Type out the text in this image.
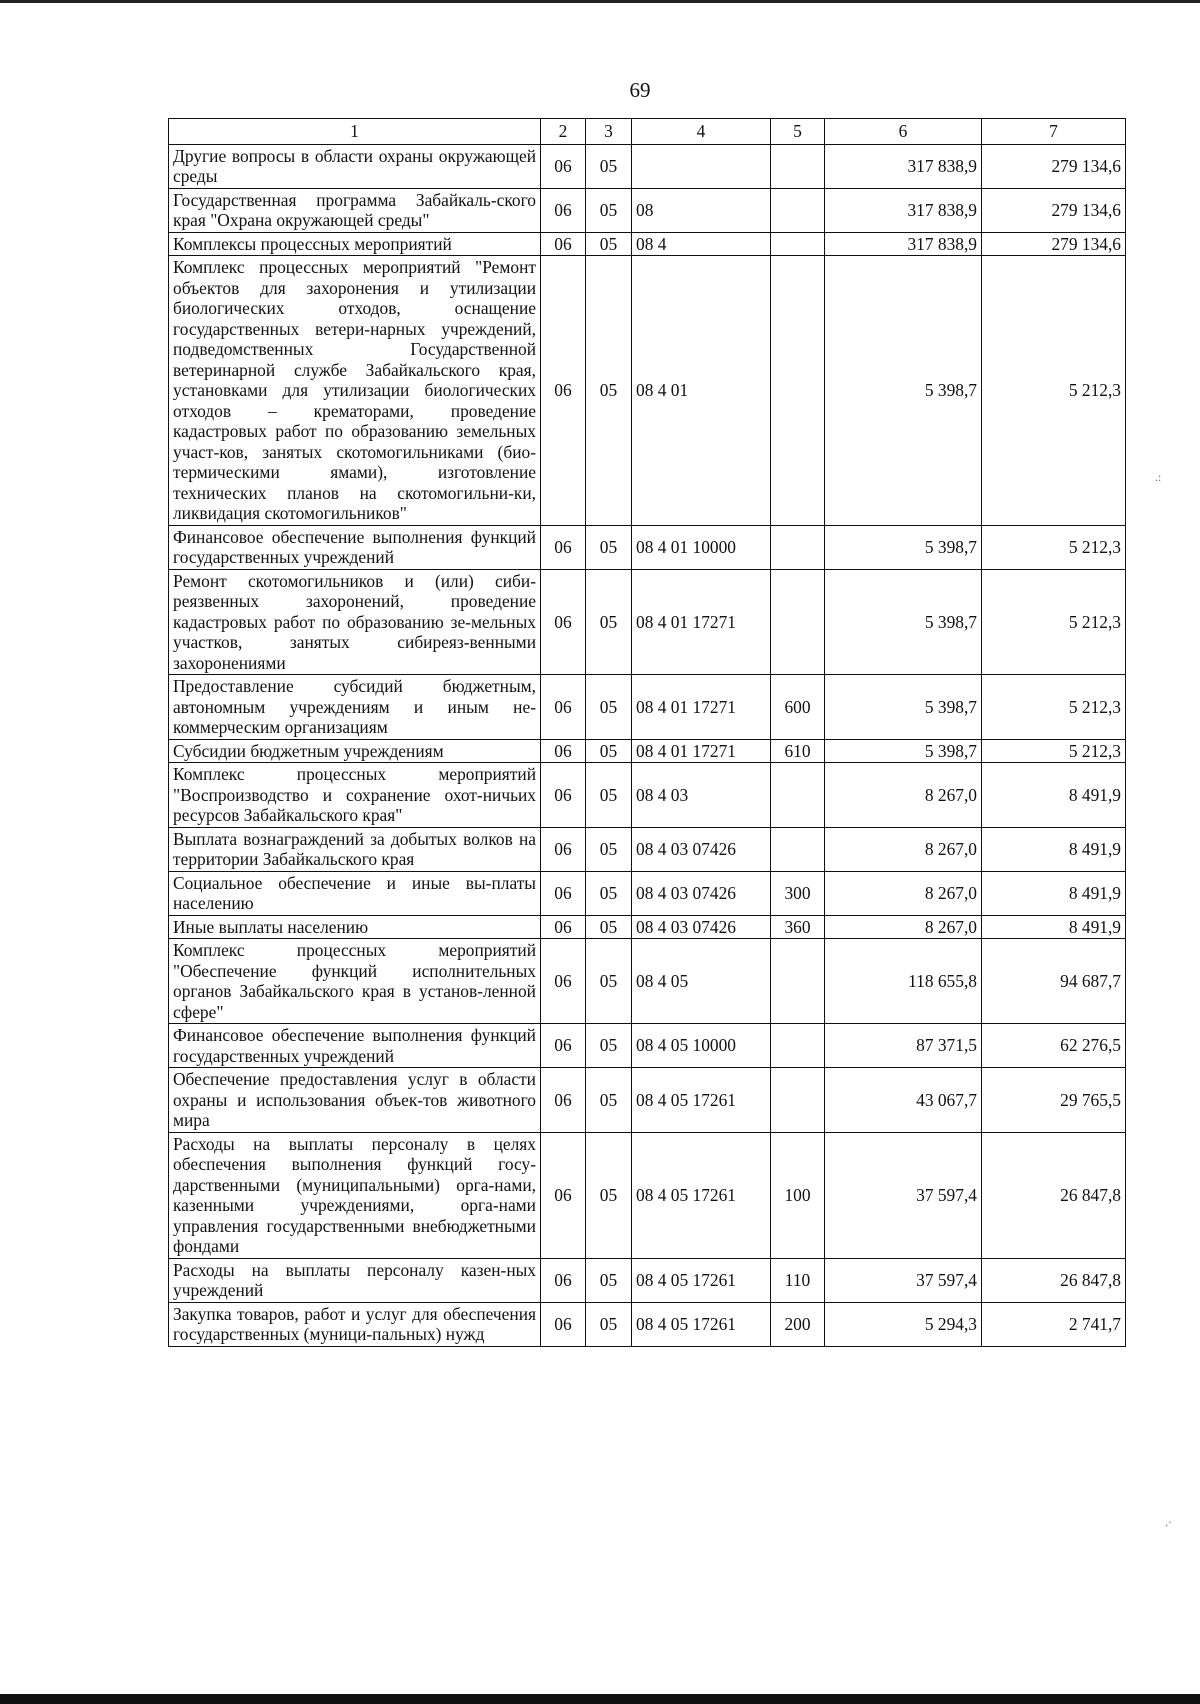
69
1	2	3	4	5	6	7
Другие вопросы в области охраны окружающей среды	06	05			317 838,9	279 134,6
Государственная программа Забайкаль-ского края "Охрана окружающей среды"	06	05	08		317 838,9	279 134,6
Комплексы процессных мероприятий	06	05	08 4		317 838,9	279 134,6
Комплекс процессных мероприятий "Ремонт объектов для захоронения и утилизации биологических отходов, оснащение государственных ветери-нарных учреждений, подведомственных Государственной ветеринарной службе Забайкальского края, установками для утилизации биологических отходов – крематорами, проведение кадастровых работ по образованию земельных участ-ков, занятых скотомогильниками (био-термическими ямами), изготовление технических планов на скотомогильни-ки, ликвидация скотомогильников"	06	05	08 4 01		5 398,7	5 212,3
Финансовое обеспечение выполнения функций государственных учреждений	06	05	08 4 01 10000		5 398,7	5 212,3
Ремонт скотомогильников и (или) сиби-реязвенных захоронений, проведение кадастровых работ по образованию зе-мельных участков, занятых сибиреяз-венными захоронениями	06	05	08 4 01 17271		5 398,7	5 212,3
Предоставление субсидий бюджетным, автономным учреждениям и иным не-коммерческим организациям	06	05	08 4 01 17271	600	5 398,7	5 212,3
Субсидии бюджетным учреждениям	06	05	08 4 01 17271	610	5 398,7	5 212,3
Комплекс процессных мероприятий "Воспроизводство и сохранение охот-ничьих ресурсов Забайкальского края"	06	05	08 4 03		8 267,0	8 491,9
Выплата вознаграждений за добытых волков на территории Забайкальского края	06	05	08 4 03 07426		8 267,0	8 491,9
Социальное обеспечение и иные вы-платы населению	06	05	08 4 03 07426	300	8 267,0	8 491,9
Иные выплаты населению	06	05	08 4 03 07426	360	8 267,0	8 491,9
Комплекс процессных мероприятий "Обеспечение функций исполнительных органов Забайкальского края в установ-ленной сфере"	06	05	08 4 05		118 655,8	94 687,7
Финансовое обеспечение выполнения функций государственных учреждений	06	05	08 4 05 10000		87 371,5	62 276,5
Обеспечение предоставления услуг в области охраны и использования объек-тов животного мира	06	05	08 4 05 17261		43 067,7	29 765,5
Расходы на выплаты персоналу в целях обеспечения выполнения функций госу-дарственными (муниципальными) орга-нами, казенными учреждениями, орга-нами управления государственными внебюджетными фондами	06	05	08 4 05 17261	100	37 597,4	26 847,8
Расходы на выплаты персоналу казен-ных учреждений	06	05	08 4 05 17261	110	37 597,4	26 847,8
Закупка товаров, работ и услуг для обеспечения государственных (муници-пальных) нужд	06	05	08 4 05 17261	200	5 294,3	2 741,7
.:
.·
